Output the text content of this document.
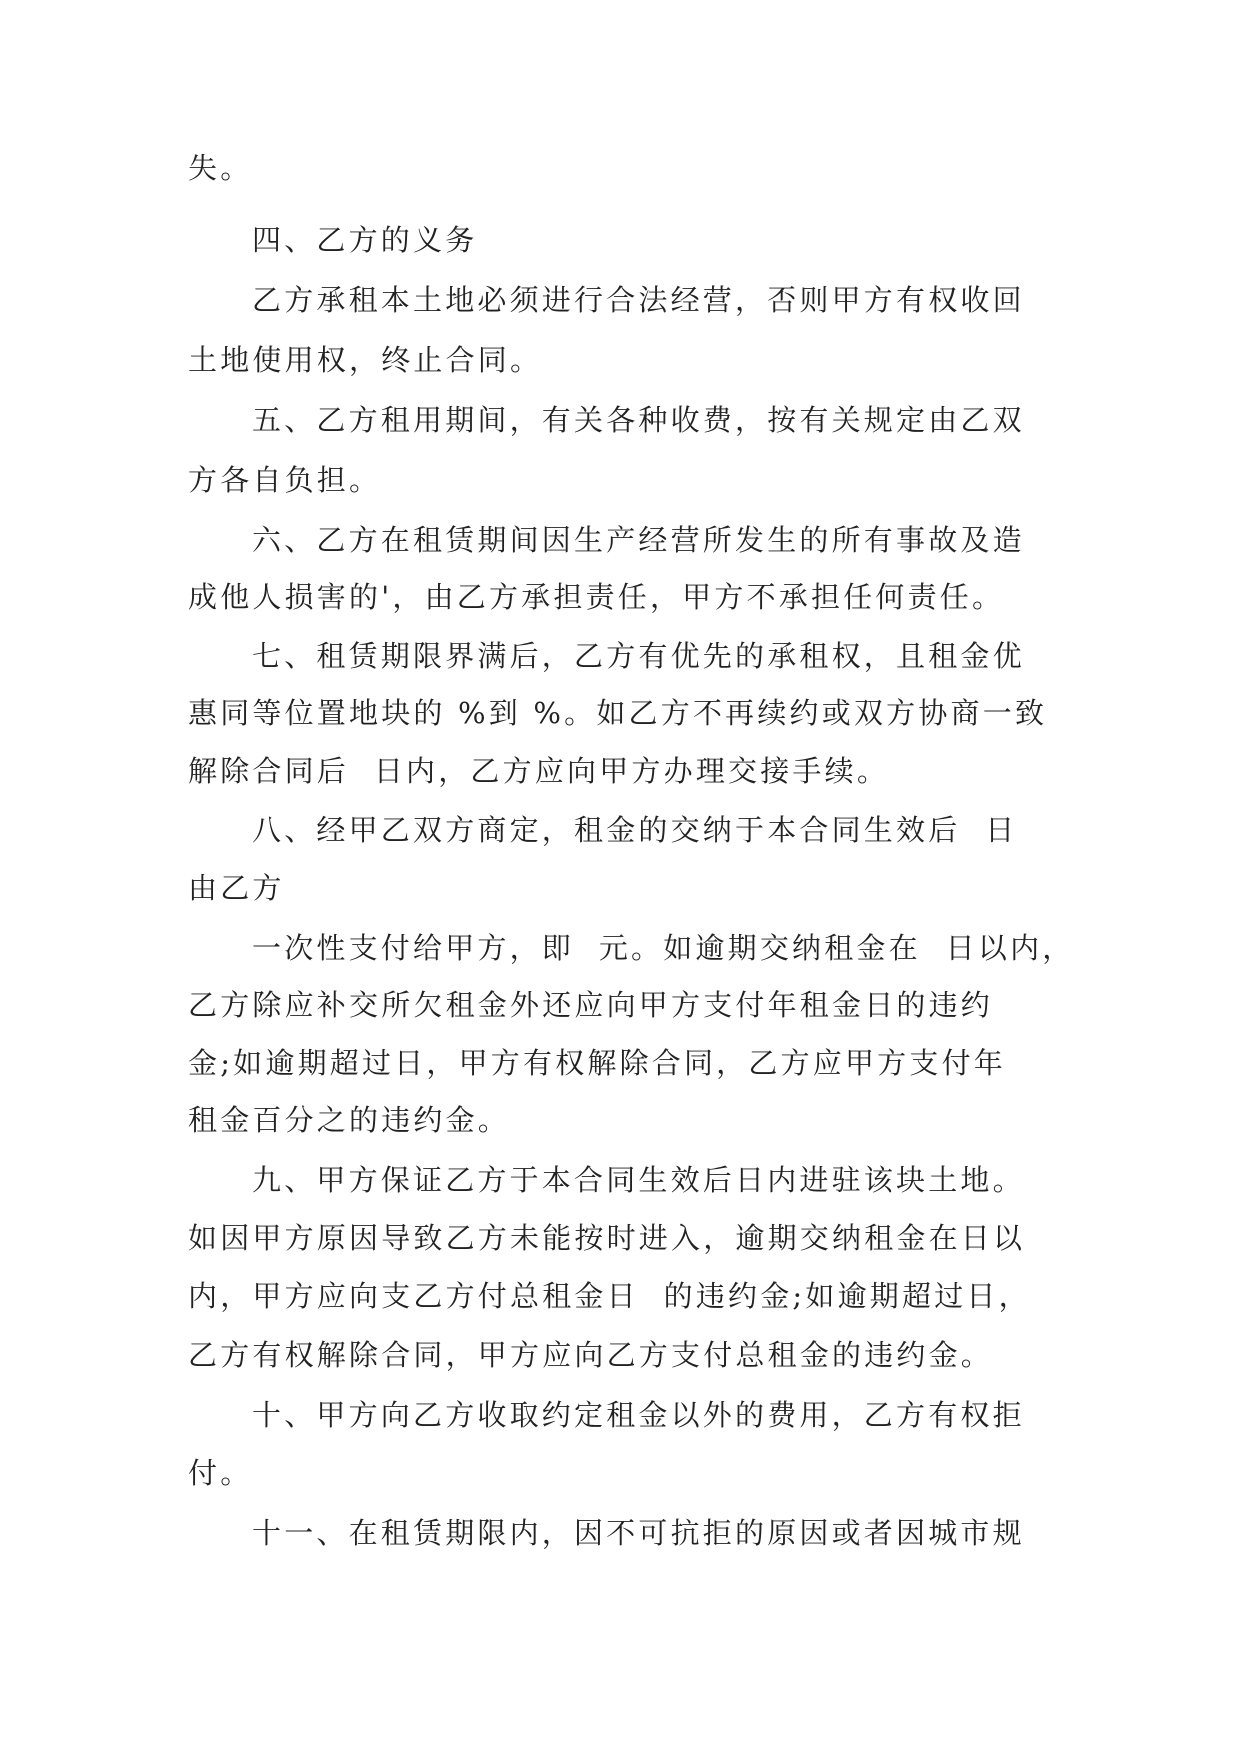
失。
四、乙方的义务
乙方承租本土地必须进行合法经营，否则甲方有权收回
土地使用权，终止合同。
五、乙方租用期间，有关各种收费，按有关规定由乙双
方各自负担。
六、乙方在租赁期间因生产经营所发生的所有事故及造
成他人损害的'，由乙方承担责任，甲方不承担任何责任。
七、租赁期限界满后，乙方有优先的承租权，且租金优
惠同等位置地块的 %到 %。如乙方不再续约或双方协商一致
解除合同后  日内，乙方应向甲方办理交接手续。
八、经甲乙双方商定，租金的交纳于本合同生效后  日
由乙方
一次性支付给甲方，即  元。如逾期交纳租金在  日以内，
乙方除应补交所欠租金外还应向甲方支付年租金日的违约
金;如逾期超过日，甲方有权解除合同，乙方应甲方支付年
租金百分之的违约金。
九、甲方保证乙方于本合同生效后日内进驻该块土地。
如因甲方原因导致乙方未能按时进入，逾期交纳租金在日以
内，甲方应向支乙方付总租金日  的违约金;如逾期超过日，
乙方有权解除合同，甲方应向乙方支付总租金的违约金。
十、甲方向乙方收取约定租金以外的费用，乙方有权拒
付。
十一、在租赁期限内，因不可抗拒的原因或者因城市规
